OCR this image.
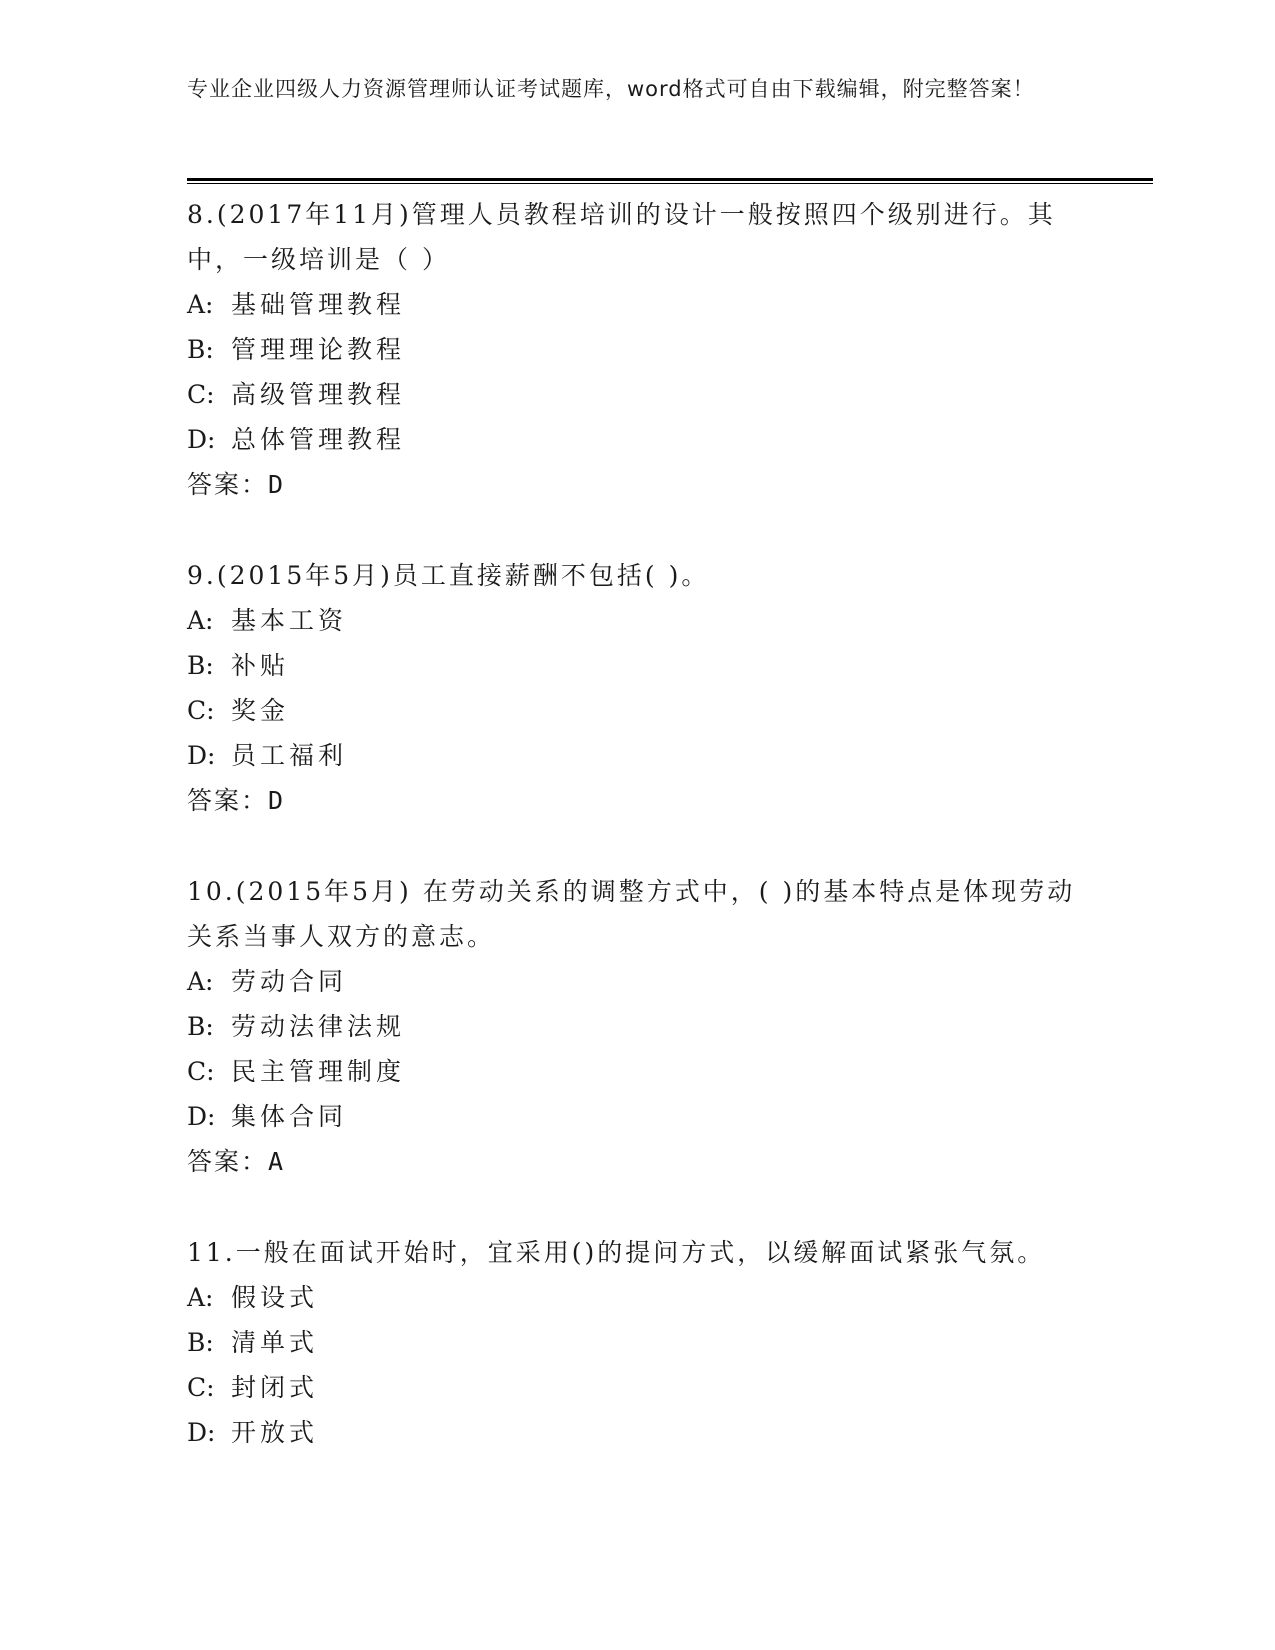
专业企业四级人力资源管理师认证考试题库，word格式可自由下载编辑，附完整答案！
8.(2017年11月)管理人员教程培训的设计一般按照四个级别进行。其中，一级培训是（ ）
A: 基础管理教程
B: 管理理论教程
C: 高级管理教程
D: 总体管理教程
答案：D
9.(2015年5月)员工直接薪酬不包括( )。
A: 基本工资
B: 补贴
C: 奖金
D: 员工福利
答案：D
10.(2015年5月) 在劳动关系的调整方式中，( )的基本特点是体现劳动关系当事人双方的意志。
A: 劳动合同
B: 劳动法律法规
C: 民主管理制度
D: 集体合同
答案：A
11.一般在面试开始时，宜采用()的提问方式，以缓解面试紧张气氛。
A: 假设式
B: 清单式
C: 封闭式
D: 开放式
